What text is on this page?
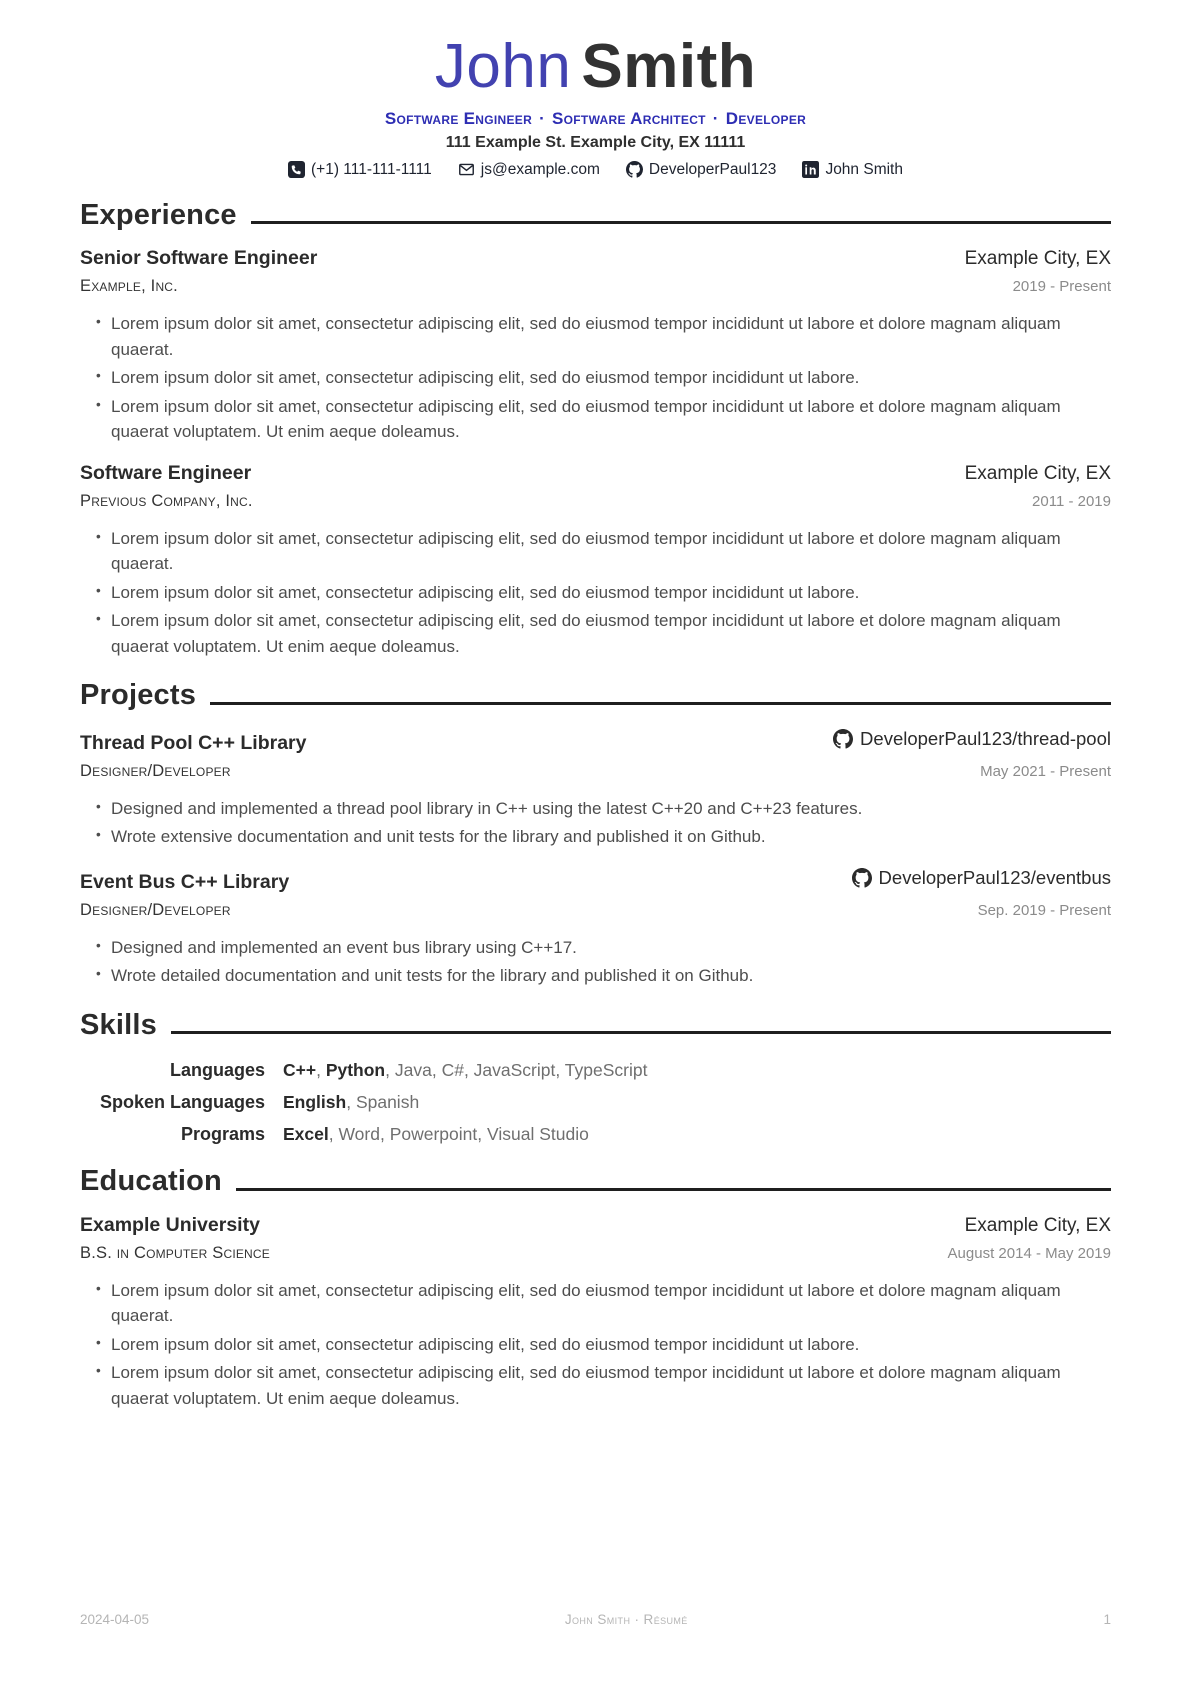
John Smith
Software Engineer · Software Architect · Developer
111 Example St. Example City, EX 11111
(+1) 111-111-1111	js@example.com	DeveloperPaul123	John Smith
Experience
Senior Software Engineer	Example City, EX
Example, Inc.	2019 - Present
• Lorem ipsum dolor sit amet, consectetur adipiscing elit, sed do eiusmod tempor incididunt ut labore et dolore magnam aliquam quaerat.
• Lorem ipsum dolor sit amet, consectetur adipiscing elit, sed do eiusmod tempor incididunt ut labore.
• Lorem ipsum dolor sit amet, consectetur adipiscing elit, sed do eiusmod tempor incididunt ut labore et dolore magnam aliquam quaerat voluptatem. Ut enim aeque doleamus.
Software Engineer	Example City, EX
Previous Company, Inc.	2011 - 2019
• Lorem ipsum dolor sit amet, consectetur adipiscing elit, sed do eiusmod tempor incididunt ut labore et dolore magnam aliquam quaerat.
• Lorem ipsum dolor sit amet, consectetur adipiscing elit, sed do eiusmod tempor incididunt ut labore.
• Lorem ipsum dolor sit amet, consectetur adipiscing elit, sed do eiusmod tempor incididunt ut labore et dolore magnam aliquam quaerat voluptatem. Ut enim aeque doleamus.
Projects
Thread Pool C++ Library	DeveloperPaul123/thread-pool
Designer/Developer	May 2021 - Present
• Designed and implemented a thread pool library in C++ using the latest C++20 and C++23 features.
• Wrote extensive documentation and unit tests for the library and published it on Github.
Event Bus C++ Library	DeveloperPaul123/eventbus
Designer/Developer	Sep. 2019 - Present
• Designed and implemented an event bus library using C++17.
• Wrote detailed documentation and unit tests for the library and published it on Github.
Skills
Languages C++, Python, Java, C#, JavaScript, TypeScript
Spoken Languages English, Spanish
Programs Excel, Word, Powerpoint, Visual Studio
Education
Example University	Example City, EX
B.S. in Computer Science	August 2014 - May 2019
• Lorem ipsum dolor sit amet, consectetur adipiscing elit, sed do eiusmod tempor incididunt ut labore et dolore magnam aliquam quaerat.
• Lorem ipsum dolor sit amet, consectetur adipiscing elit, sed do eiusmod tempor incididunt ut labore.
• Lorem ipsum dolor sit amet, consectetur adipiscing elit, sed do eiusmod tempor incididunt ut labore et dolore magnam aliquam quaerat voluptatem. Ut enim aeque doleamus.
2024-04-05	John Smith · Résumé	1
